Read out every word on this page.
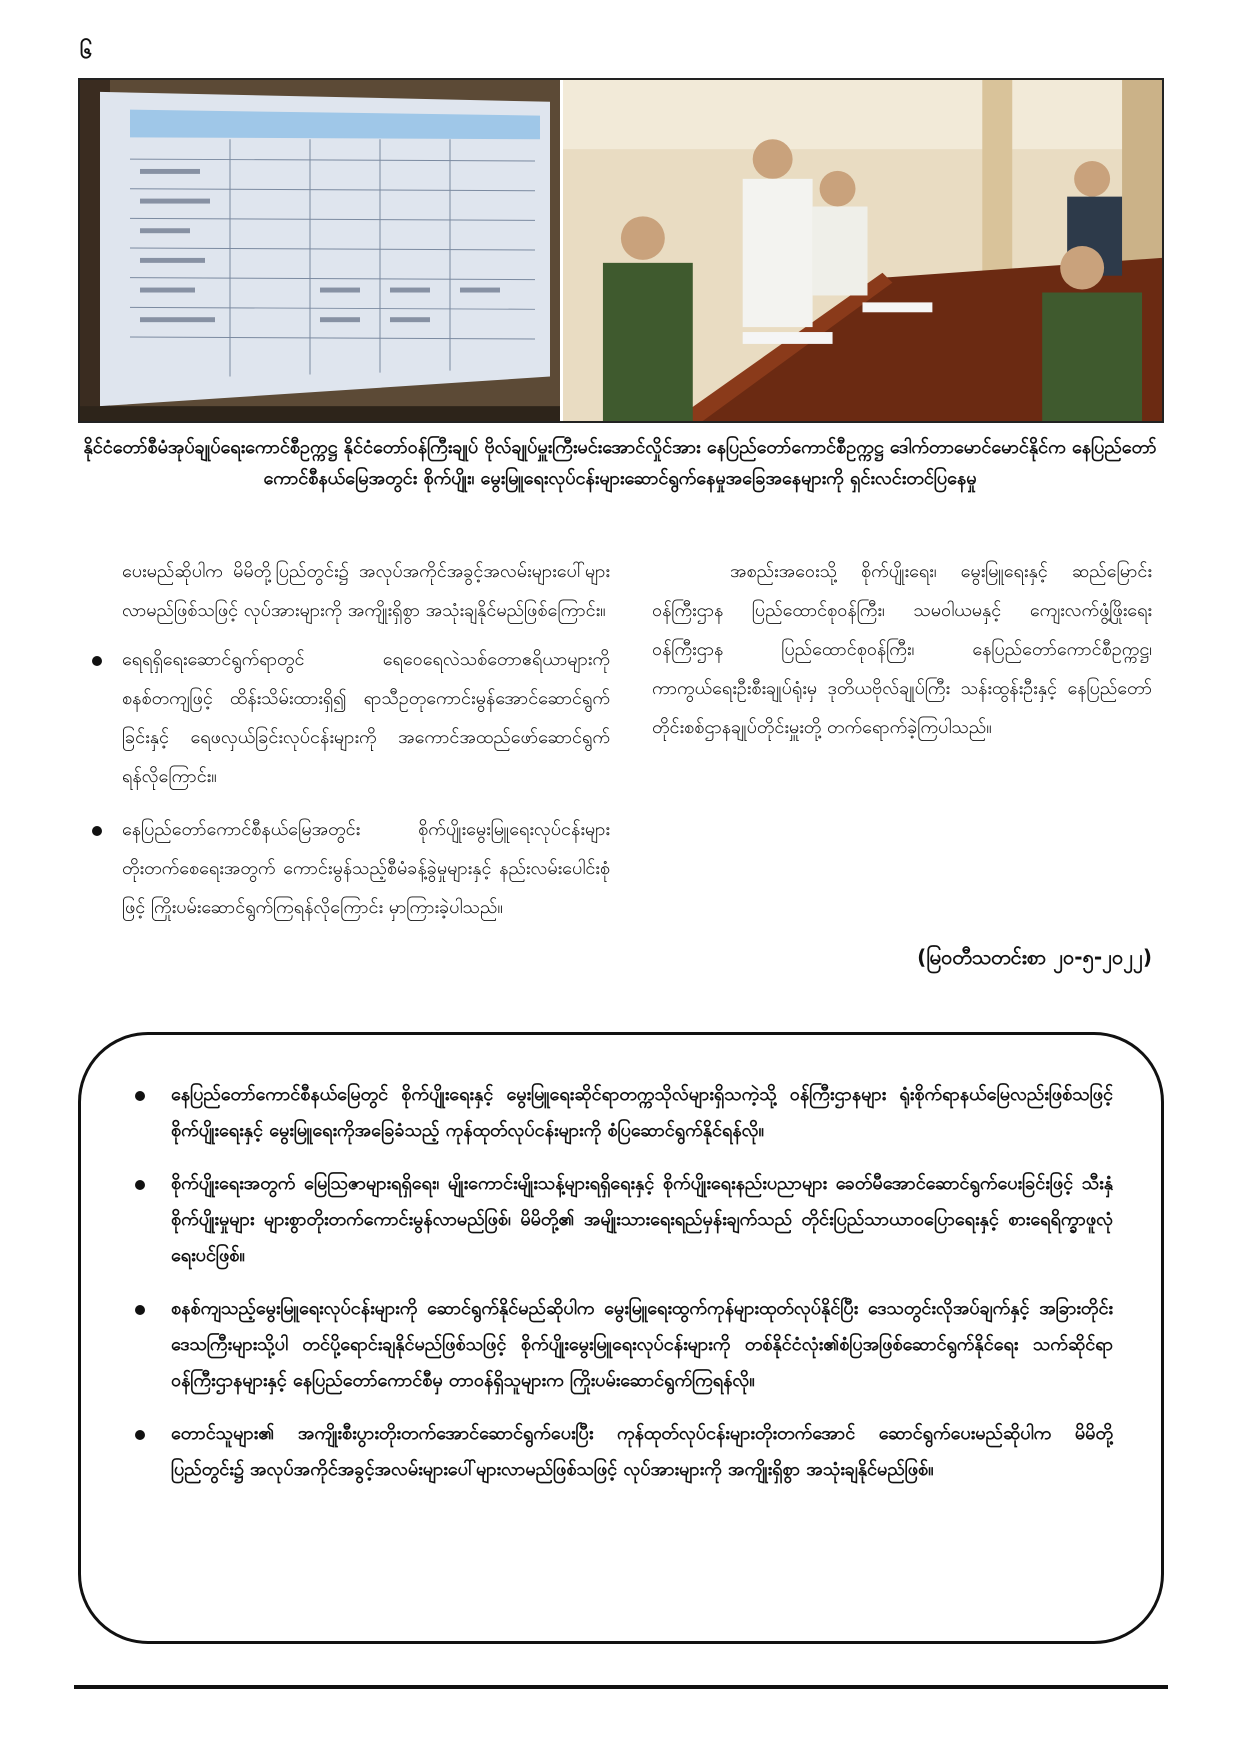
၆
နိုင်ငံတော်စီမံအုပ်ချုပ်ရေးကောင်စီဥက္ကဋ္ဌ နိုင်ငံတော်ဝန်ကြီးချုပ် ဗိုလ်ချုပ်မှူးကြီးမင်းအောင်လှိုင်အား နေပြည်တော်ကောင်စီဥက္ကဋ္ဌ ဒေါက်တာမောင်မောင်နိုင်က နေပြည်တော်ကောင်စီနယ်မြေအတွင်း စိုက်ပျိုး၊ မွေးမြူရေးလုပ်ငန်းများဆောင်ရွက်နေမှုအခြေအနေများကို ရှင်းလင်းတင်ပြနေမှု

ပေးမည်ဆိုပါက မိမိတို့ပြည်တွင်း၌ အလုပ်အကိုင်အခွင့်အလမ်းများပေါ်များလာမည်ဖြစ်သဖြင့် လုပ်အားများကို အကျိုးရှိစွာ အသုံးချနိုင်မည်ဖြစ်ကြောင်း။

ရေရရှိရေးဆောင်ရွက်ရာတွင် ရေဝေရေလဲသစ်တောဧရိယာများကို စနစ်တကျဖြင့် ထိန်းသိမ်းထားရှိ၍ ရာသီဥတုကောင်းမွန်အောင်ဆောင်ရွက်ခြင်းနှင့် ရေဖလှယ်ခြင်းလုပ်ငန်းများကို အကောင်အထည်ဖော်ဆောင်ရွက်ရန်လိုကြောင်း။
နေပြည်တော်ကောင်စီနယ်မြေအတွင်း စိုက်ပျိုးမွေးမြူရေးလုပ်ငန်းများတိုးတက်စေရေးအတွက် ကောင်းမွန်သည့်စီမံခန့်ခွဲမှုများနှင့် နည်းလမ်းပေါင်းစုံဖြင့် ကြိုးပမ်းဆောင်ရွက်ကြရန်လိုကြောင်း မှာကြားခဲ့ပါသည်။

အစည်းအဝေးသို့ စိုက်ပျိုးရေး၊ မွေးမြူရေးနှင့် ဆည်မြောင်းဝန်ကြီးဌာန ပြည်ထောင်စုဝန်ကြီး၊ သမဝါယမနှင့် ကျေးလက်ဖွံ့ဖြိုးရေးဝန်ကြီးဌာန ပြည်ထောင်စုဝန်ကြီး၊ နေပြည်တော်ကောင်စီဥက္ကဋ္ဌ၊ ကာကွယ်ရေးဦးစီးချုပ်ရုံးမှ ဒုတိယဗိုလ်ချုပ်ကြီး သန်းထွန်းဦးနှင့် နေပြည်တော်တိုင်းစစ်ဌာနချုပ်တိုင်းမှူးတို့ တက်ရောက်ခဲ့ကြပါသည်။

(မြဝတီသတင်းစာ ၂၀-၅-၂၀၂၂)
နေပြည်တော်ကောင်စီနယ်မြေတွင် စိုက်ပျိုးရေးနှင့် မွေးမြူရေးဆိုင်ရာတက္ကသိုလ်များရှိသကဲ့သို့ ဝန်ကြီးဌာနများ ရုံးစိုက်ရာနယ်မြေလည်းဖြစ်သဖြင့် စိုက်ပျိုးရေးနှင့် မွေးမြူရေးကိုအခြေခံသည့် ကုန်ထုတ်လုပ်ငန်းများကို စံပြဆောင်ရွက်နိုင်ရန်လို။
စိုက်ပျိုးရေးအတွက် မြေဩဇာများရရှိရေး၊ မျိုးကောင်းမျိုးသန့်များရရှိရေးနှင့် စိုက်ပျိုးရေးနည်းပညာများ ခေတ်မီအောင်ဆောင်ရွက်ပေးခြင်းဖြင့် သီးနှံစိုက်ပျိုးမှုများ များစွာတိုးတက်ကောင်းမွန်လာမည်ဖြစ်၊ မိမိတို့၏ အမျိုးသားရေးရည်မှန်းချက်သည် တိုင်းပြည်သာယာဝပြောရေးနှင့် စားရေရိက္ခာဖူလုံရေးပင်ဖြစ်။
စနစ်ကျသည့်မွေးမြူရေးလုပ်ငန်းများကို ဆောင်ရွက်နိုင်မည်ဆိုပါက မွေးမြူရေးထွက်ကုန်များထုတ်လုပ်နိုင်ပြီး ဒေသတွင်းလိုအပ်ချက်နှင့် အခြားတိုင်းဒေသကြီးများသို့ပါ တင်ပို့ရောင်းချနိုင်မည်ဖြစ်သဖြင့် စိုက်ပျိုးမွေးမြူရေးလုပ်ငန်းများကို တစ်နိုင်ငံလုံး၏စံပြအဖြစ်ဆောင်ရွက်နိုင်ရေး သက်ဆိုင်ရာဝန်ကြီးဌာနများနှင့် နေပြည်တော်ကောင်စီမှ တာဝန်ရှိသူများက ကြိုးပမ်းဆောင်ရွက်ကြရန်လို။
တောင်သူများ၏ အကျိုးစီးပွားတိုးတက်အောင်ဆောင်ရွက်ပေးပြီး ကုန်ထုတ်လုပ်ငန်းများတိုးတက်အောင် ဆောင်ရွက်ပေးမည်ဆိုပါက မိမိတို့ပြည်တွင်း၌ အလုပ်အကိုင်အခွင့်အလမ်းများပေါ်များလာမည်ဖြစ်သဖြင့် လုပ်အားများကို အကျိုးရှိစွာ အသုံးချနိုင်မည်ဖြစ်။
